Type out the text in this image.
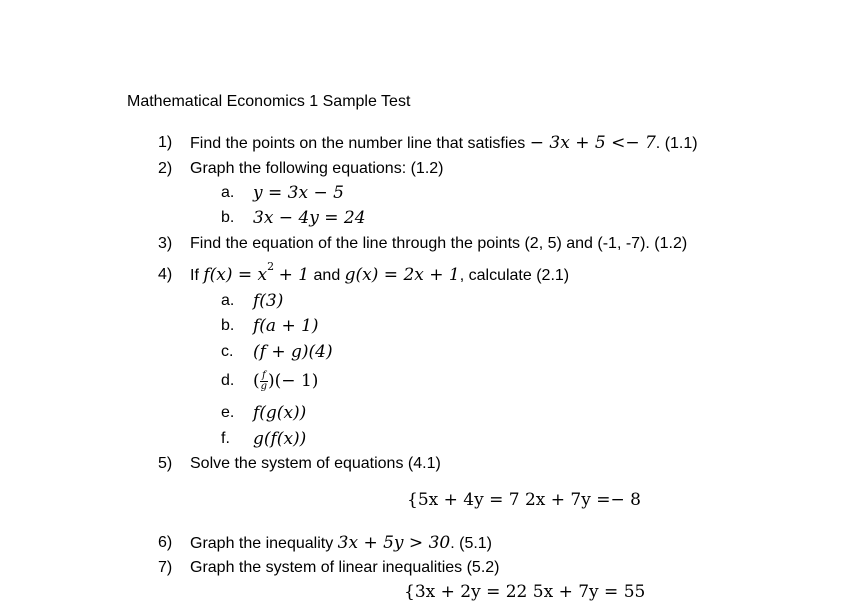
Mathematical Economics 1 Sample Test
1) Find the points on the number line that satisfies − 3x + 5 <− 7. (1.1)
2) Graph the following equations: (1.2)
a. y = 3x − 5
b. 3x − 4y = 24
3) Find the equation of the line through the points (2, 5) and (-1, -7). (1.2)
4) If $f(x) = x^2 + 1$ and g(x) = 2x + 1, calculate (2.1)
a. f(3)
b. f(a + 1)
c. (f + g)(4)
d. ( $\frac{f}{g}$ )(− 1)
e. f(g(x))
f. g(f(x))
5) Solve the system of equations (4.1)
{5x + 4y = 7 2x + 7y =− 8
6) Graph the inequality 3x + 5y > 30. (5.1)
7) Graph the system of linear inequalities (5.2)
{3x + 2y = 22 5x + 7y = 55
